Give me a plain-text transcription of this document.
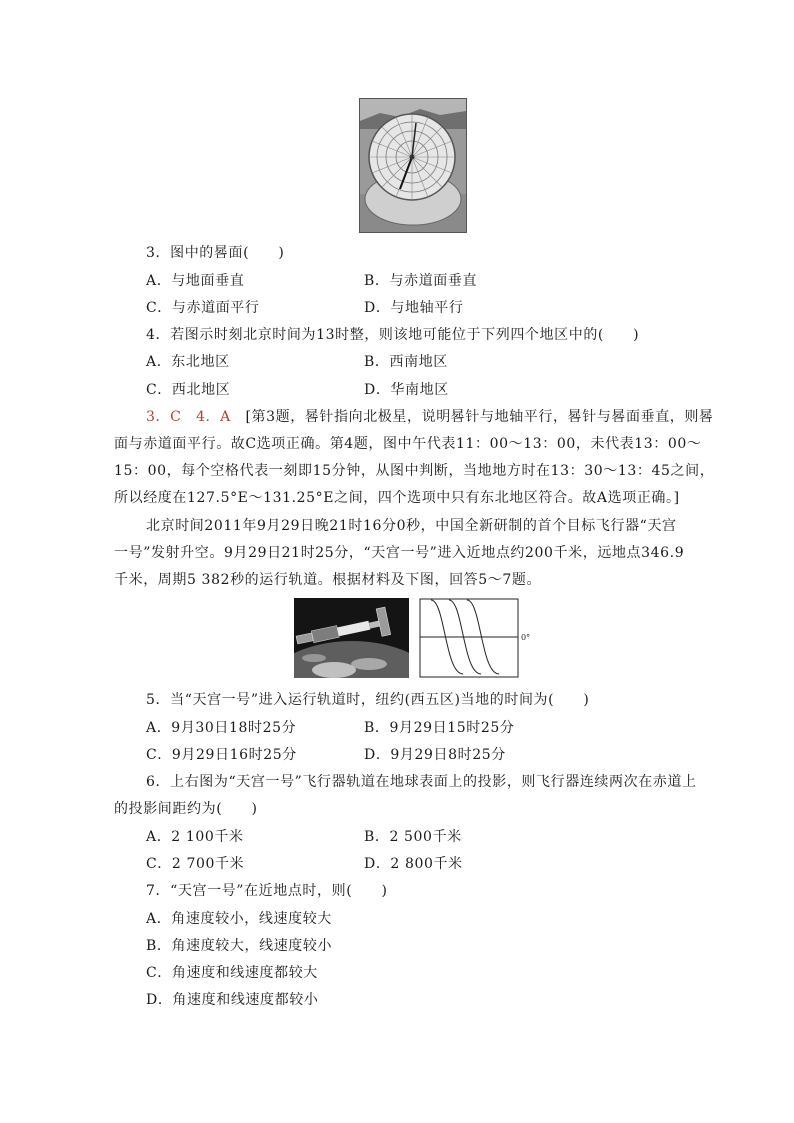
3．图中的晷面(　　)
A．与地面垂直	B．与赤道面垂直
C．与赤道面平行	D．与地轴平行
4．若图示时刻北京时间为13时整，则该地可能位于下列四个地区中的(　　)
A．东北地区	B．西南地区
C．西北地区	D．华南地区
3．C　4．A　[第3题，晷针指向北极星，说明晷针与地轴平行，晷针与晷面垂直，则晷
面与赤道面平行。故C选项正确。第4题，图中午代表11：00～13：00，未代表13：00～
15：00，每个空格代表一刻即15分钟，从图中判断，当地地方时在13：30～13：45之间，
所以经度在127.5°E～131.25°E之间，四个选项中只有东北地区符合。故A选项正确。]
北京时间2011年9月29日晚21时16分0秒，中国全新研制的首个目标飞行器“天宫
一号”发射升空。9月29日21时25分，“天宫一号”进入近地点约200千米，远地点346.9
千米，周期5 382秒的运行轨道。根据材料及下图，回答5～7题。
0°
5．当“天宫一号”进入运行轨道时，纽约(西五区)当地的时间为(　　)
A．9月30日18时25分	B．9月29日15时25分
C．9月29日16时25分	D．9月29日8时25分
6．上右图为“天宫一号”飞行器轨道在地球表面上的投影，则飞行器连续两次在赤道上
的投影间距约为(　　)
A．2 100千米	B．2 500千米
C．2 700千米	D．2 800千米
7．“天宫一号”在近地点时，则(　　)
A．角速度较小，线速度较大
B．角速度较大，线速度较小
C．角速度和线速度都较大
D．角速度和线速度都较小
